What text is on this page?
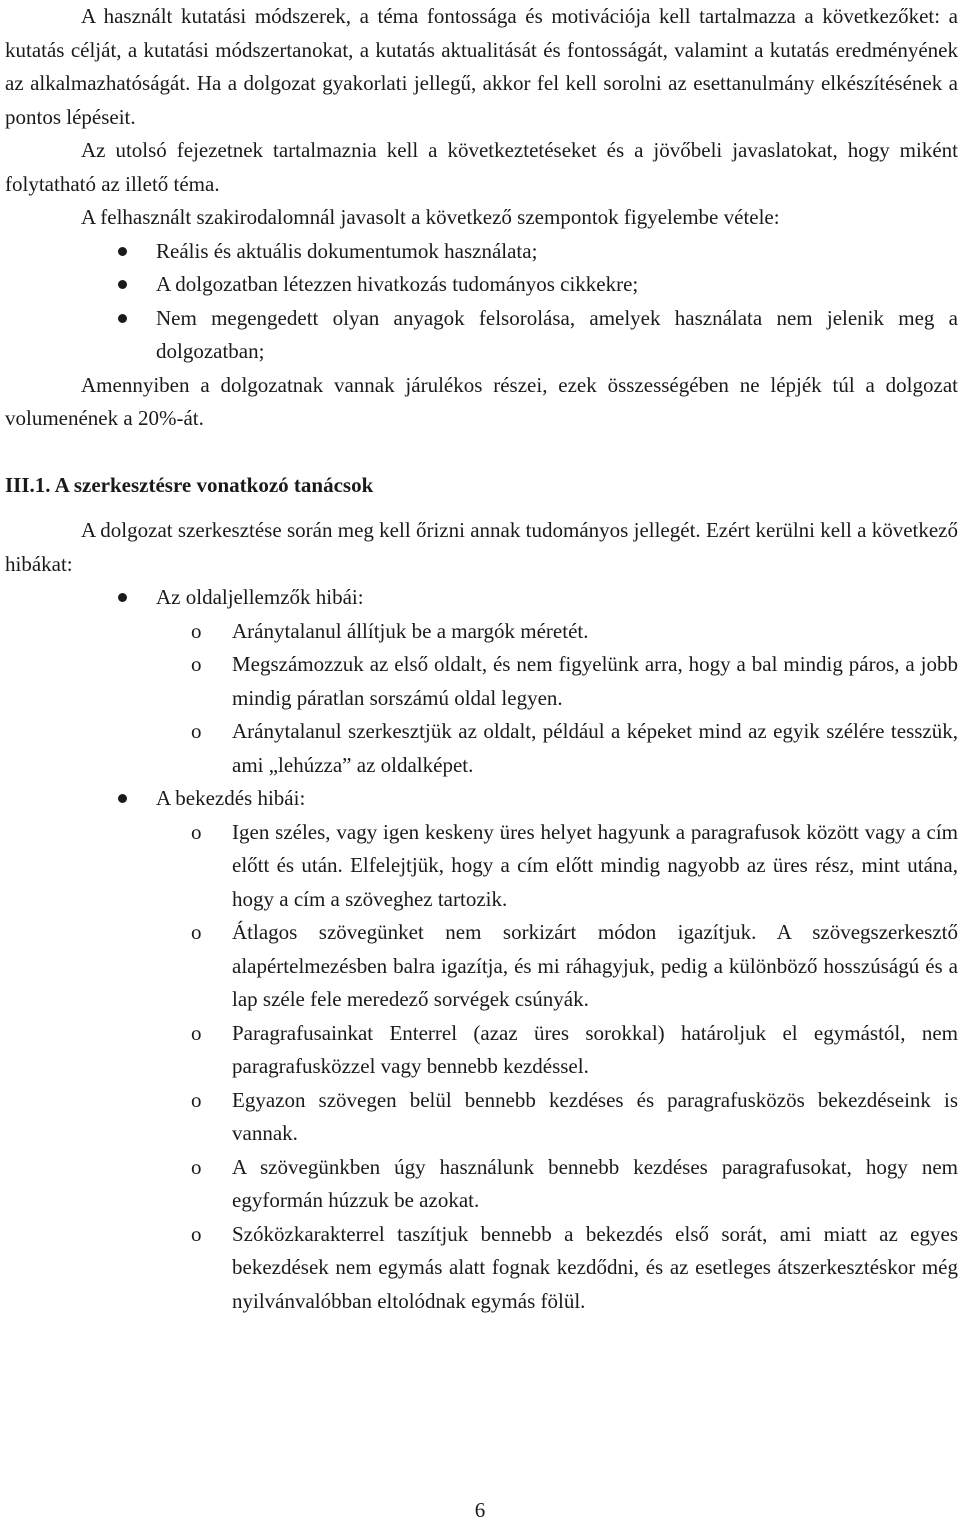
A használt kutatási módszerek, a téma fontossága és motivációja kell tartalmazza a következőket: a kutatás célját, a kutatási módszertanokat, a kutatás aktualitását és fontosságát, valamint a kutatás eredményének az alkalmazhatóságát. Ha a dolgozat gyakorlati jellegű, akkor fel kell sorolni az esettanulmány elkészítésének a pontos lépéseit.

Az utolsó fejezetnek tartalmaznia kell a következtetéseket és a jövőbeli javaslatokat, hogy miként folytatható az illető téma.

A felhasznált szakirodalomnál javasolt a következő szempontok figyelembe vétele:

Reális és aktuális dokumentumok használata;
A dolgozatban létezzen hivatkozás tudományos cikkekre;
Nem megengedett olyan anyagok felsorolása, amelyek használata nem jelenik meg a dolgozatban;

Amennyiben a dolgozatnak vannak járulékos részei, ezek összességében ne lépjék túl a dolgozat volumenének a 20%-át.

III.1. A szerkesztésre vonatkozó tanácsok

A dolgozat szerkesztése során meg kell őrizni annak tudományos jellegét. Ezért kerülni kell a következő hibákat:

Az oldaljellemzők hibái:
o Aránytalanul állítjuk be a margók méretét.
o Megszámozzuk az első oldalt, és nem figyelünk arra, hogy a bal mindig páros, a jobb mindig páratlan sorszámú oldal legyen.
o Aránytalanul szerkesztjük az oldalt, például a képeket mind az egyik szélére tesszük, ami „lehúzza” az oldalképet.
A bekezdés hibái:
o Igen széles, vagy igen keskeny üres helyet hagyunk a paragrafusok között vagy a cím előtt és után. Elfelejtjük, hogy a cím előtt mindig nagyobb az üres rész, mint utána, hogy a cím a szöveghez tartozik.
o Átlagos szövegünket nem sorkizárt módon igazítjuk. A szövegszerkesztő alapértelmezésben balra igazítja, és mi ráhagyjuk, pedig a különböző hosszúságú és a lap széle fele meredező sorvégek csúnyák.
o Paragrafusainkat Enterrel (azaz üres sorokkal) határoljuk el egymástól, nem paragrafusközzel vagy bennebb kezdéssel.
o Egyazon szövegen belül bennebb kezdéses és paragrafusközös bekezdéseink is vannak.
o A szövegünkben úgy használunk bennebb kezdéses paragrafusokat, hogy nem egyformán húzzuk be azokat.
o Szóközkarakterrel taszítjuk bennebb a bekezdés első sorát, ami miatt az egyes bekezdések nem egymás alatt fognak kezdődni, és az esetleges átszerkesztéskor még nyilvánvalóbban eltolódnak egymás fölül.
6
